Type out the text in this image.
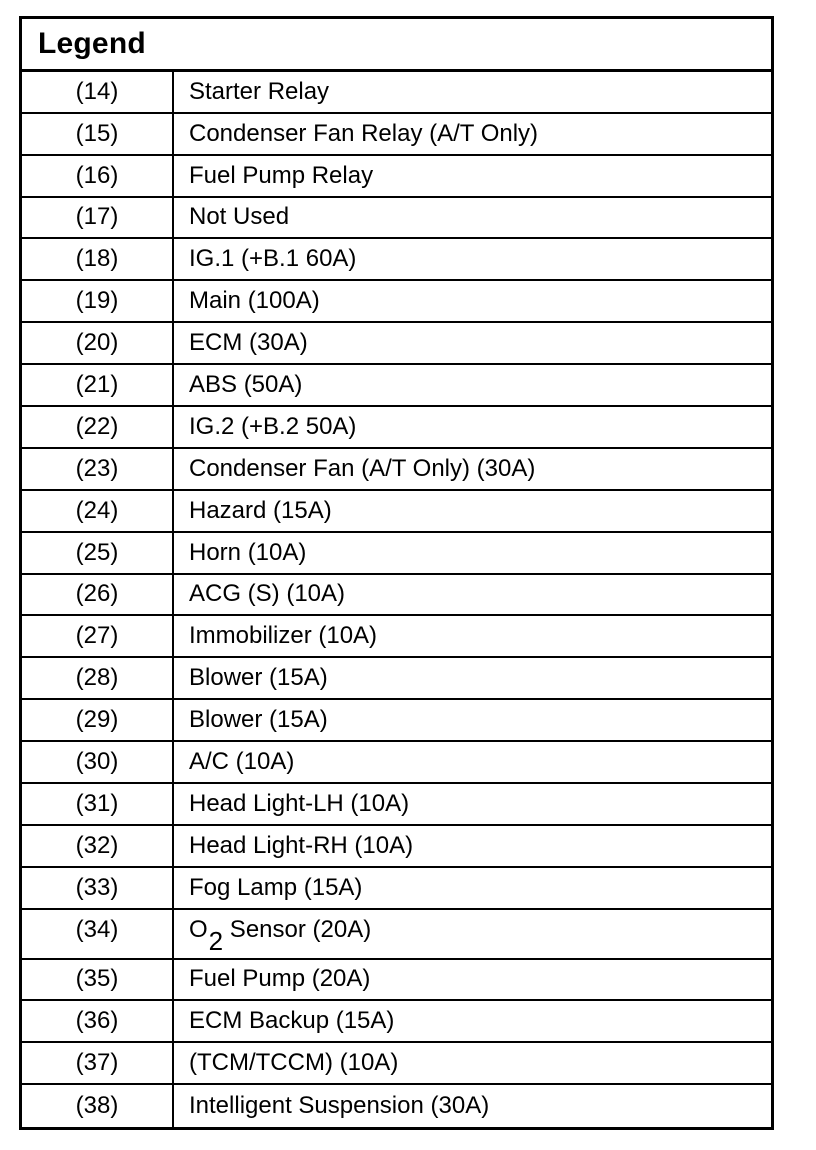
Legend
(14)	Starter Relay
(15)	Condenser Fan Relay (A/T Only)
(16)	Fuel Pump Relay
(17)	Not Used
(18)	IG.1 (+B.1 60A)
(19)	Main (100A)
(20)	ECM (30A)
(21)	ABS (50A)
(22)	IG.2 (+B.2 50A)
(23)	Condenser Fan (A/T Only) (30A)
(24)	Hazard (15A)
(25)	Horn (10A)
(26)	ACG (S) (10A)
(27)	Immobilizer (10A)
(28)	Blower (15A)
(29)	Blower (15A)
(30)	A/C (10A)
(31)	Head Light-LH (10A)
(32)	Head Light-RH (10A)
(33)	Fog Lamp (15A)
(34)	O 2 Sensor (20A)
(35)	Fuel Pump (20A)
(36)	ECM Backup (15A)
(37)	(TCM/TCCM) (10A)
(38)	Intelligent Suspension (30A)
